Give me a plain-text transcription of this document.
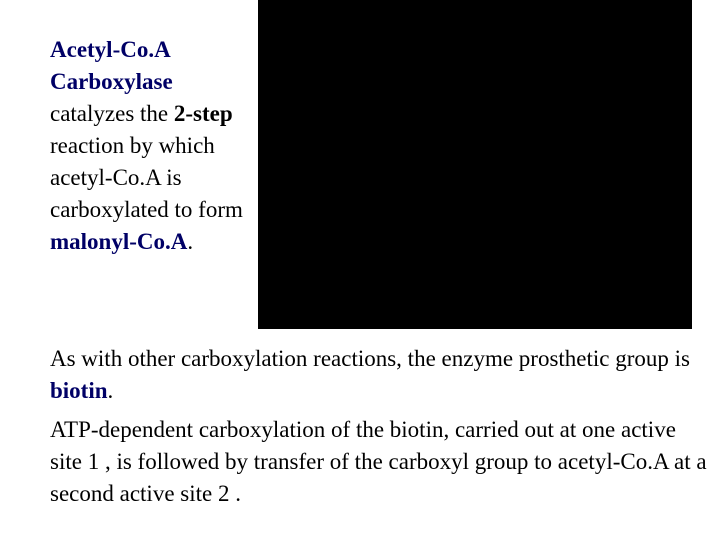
Acetyl-Co.A Carboxylase catalyzes the 2-step reaction by which acetyl-Co.A is carboxylated to form malonyl-Co.A.
As with other carboxylation reactions, the enzyme prosthetic group is biotin.
ATP-dependent carboxylation of the biotin, carried out at one active site 1 , is followed by transfer of the carboxyl group to acetyl-Co.A at a second active site 2 .
